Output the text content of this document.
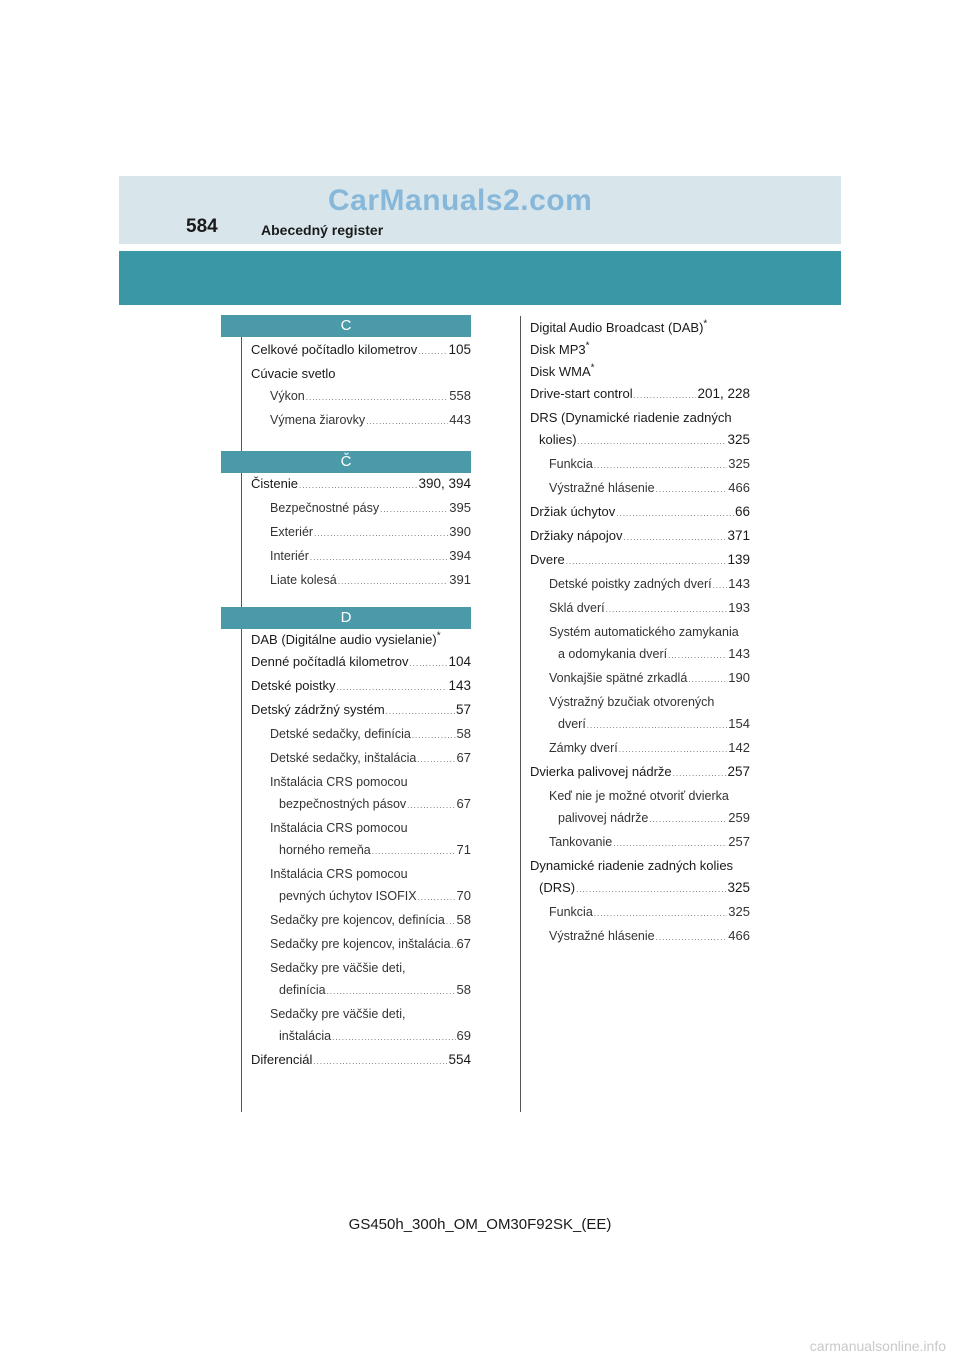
CarManuals2.com
584	Abecedný register
C
Č
D
Celkové počítadlo kilometrov ..... 105
Cúvacie svetlo
Výkon .....	558
Výmena žiarovky .....	443
Čistenie .....	390, 394
Bezpečnostné pásy .....	395
Exteriér .....	390
Interiér .....	394
Liate kolesá .....	391
DAB (Digitálne audio vysielanie)*
Denné počítadlá kilometrov .....	104
Detské poistky .....	143
Detský zádržný systém .....	57
Detské sedačky, definícia .....	58
Detské sedačky, inštalácia .....	67
Inštalácia CRS pomocou
bezpečnostných pásov .....	67
Inštalácia CRS pomocou
horného remeňa .....	71
Inštalácia CRS pomocou
pevných úchytov ISOFIX .....	70
Sedačky pre kojencov, definícia ..... 58
Sedačky pre kojencov, inštalácia ..... 67
Sedačky pre väčšie deti,
definícia .....	58
Sedačky pre väčšie deti,
inštalácia .....	69
Diferenciál .....	554
Digital Audio Broadcast (DAB)*
Disk MP3*
Disk WMA*
Drive-start control .....	201, 228
DRS (Dynamické riadenie zadných
kolies) .....	325
Funkcia .....	325
Výstražné hlásenie .....	466
Držiak úchytov .....	66
Držiaky nápojov .....	371
Dvere .....	139
Detské poistky zadných dverí ..... 143
Sklá dverí .....	193
Systém automatického zamykania
a odomykania dverí .....	143
Vonkajšie spätné zrkadlá .....	190
Výstražný bzučiak otvorených
dverí .....	154
Zámky dverí .....	142
Dvierka palivovej nádrže .....	257
Keď nie je možné otvoriť dvierka
palivovej nádrže .....	259
Tankovanie .....	257
Dynamické riadenie zadných kolies
(DRS) .....	325
Funkcia .....	325
Výstražné hlásenie .....	466
GS450h_300h_OM_OM30F92SK_(EE)
carmanualsonline.info
